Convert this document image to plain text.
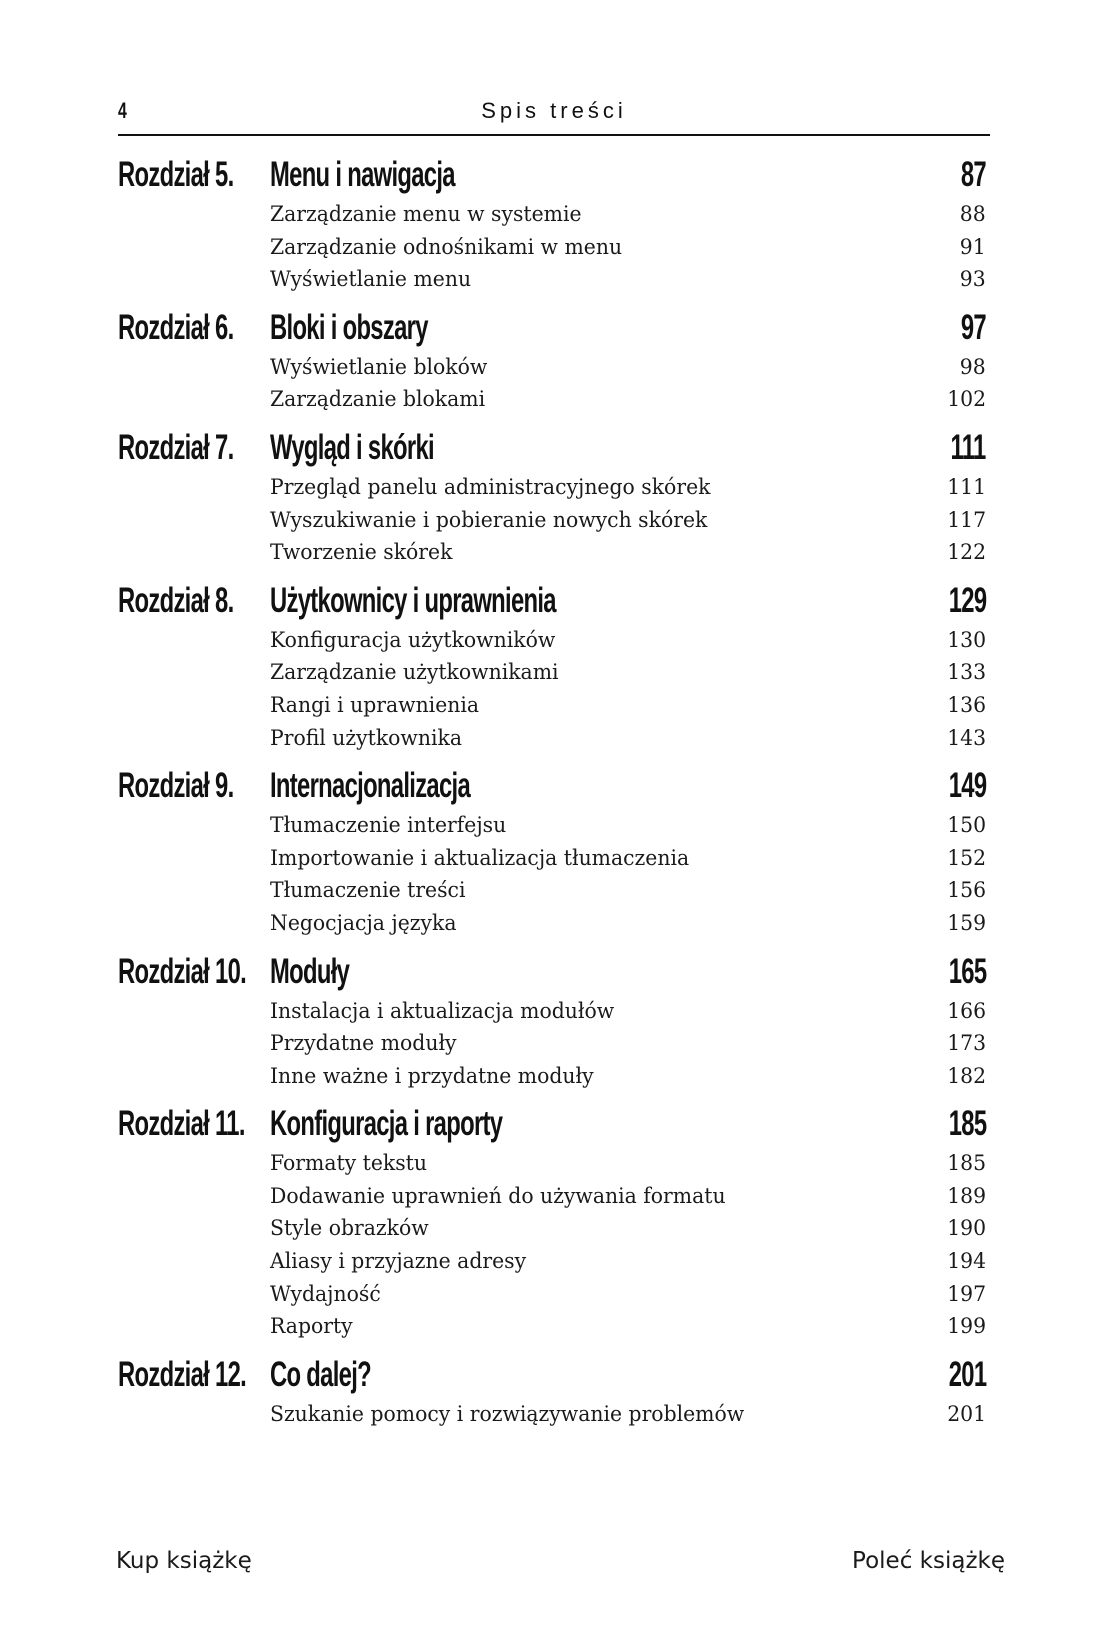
4	Spis treści
Rozdział 5. Menu i nawigacja	87
Zarządzanie menu w systemie	88
Zarządzanie odnośnikami w menu	91
Wyświetlanie menu	93
Rozdział 6. Bloki i obszary	97
Wyświetlanie bloków	98
Zarządzanie blokami	102
Rozdział 7. Wygląd i skórki	111
Przegląd panelu administracyjnego skórek	111
Wyszukiwanie i pobieranie nowych skórek	117
Tworzenie skórek	122
Rozdział 8. Użytkownicy i uprawnienia	129
Konfiguracja użytkowników	130
Zarządzanie użytkownikami	133
Rangi i uprawnienia	136
Profil użytkownika	143
Rozdział 9. Internacjonalizacja	149
Tłumaczenie interfejsu	150
Importowanie i aktualizacja tłumaczenia	152
Tłumaczenie treści	156
Negocjacja języka	159
Rozdział 10. Moduły	165
Instalacja i aktualizacja modułów	166
Przydatne moduły	173
Inne ważne i przydatne moduły	182
Rozdział 11. Konfiguracja i raporty	185
Formaty tekstu	185
Dodawanie uprawnień do używania formatu	189
Style obrazków	190
Aliasy i przyjazne adresy	194
Wydajność	197
Raporty	199
Rozdział 12. Co dalej?	201
Szukanie pomocy i rozwiązywanie problemów	201
Kup książkę	Poleć książkę
